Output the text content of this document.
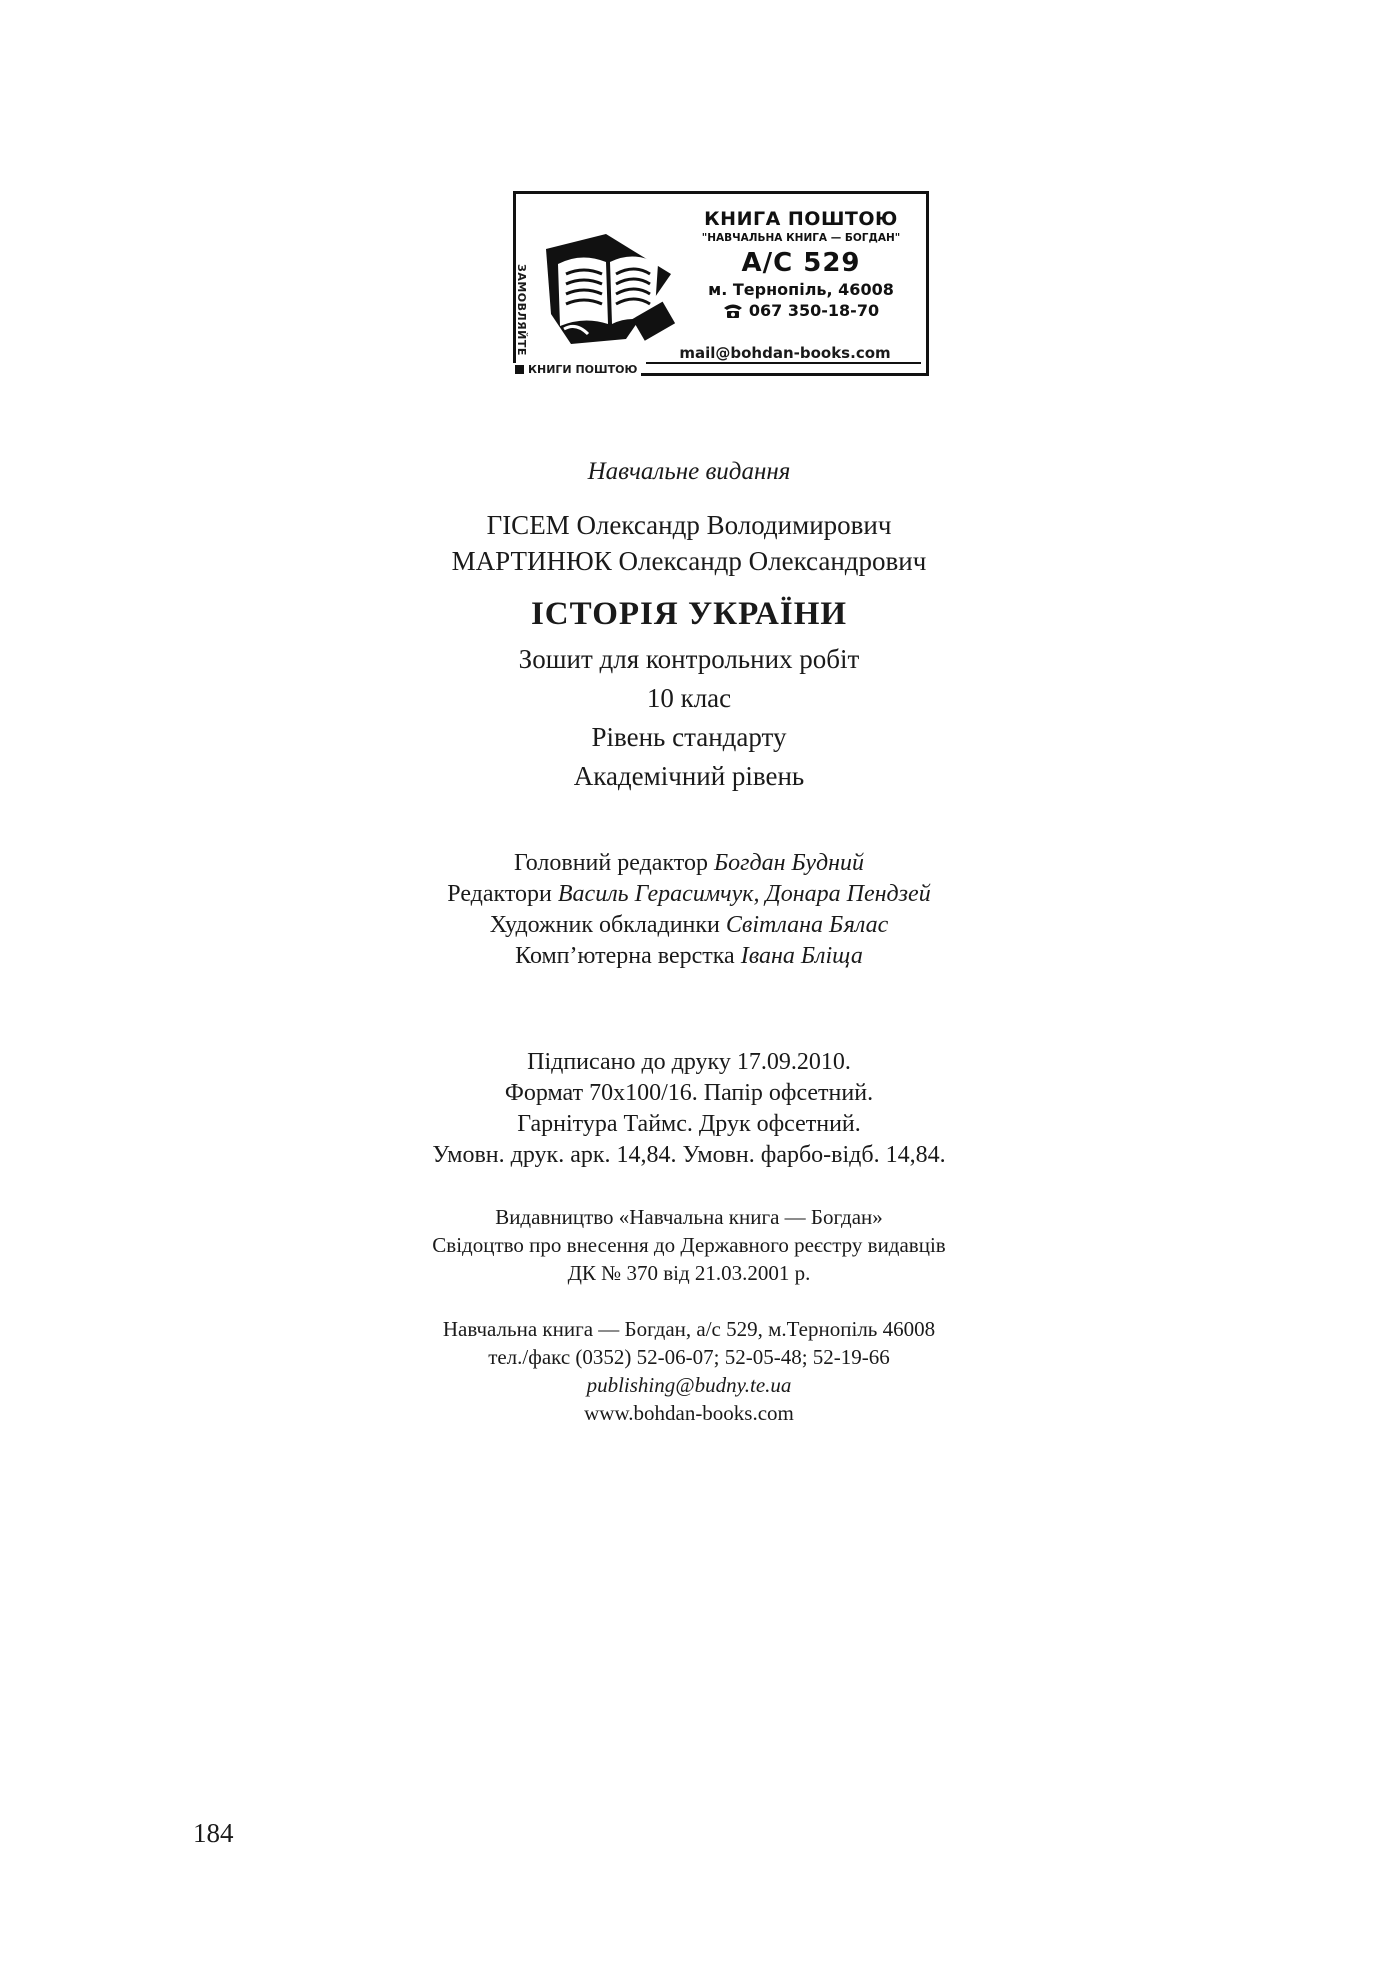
ЗАМОВЛЯЙТЕ
КНИГА ПОШТОЮ
"НАВЧАЛЬНА КНИГА — БОГДАН"
А/С 529
м. Тернопіль, 46008
067 350-18-70
mail@bohdan-books.com
КНИГИ ПОШТОЮ
Навчальне видання
ГІСЕМ Олександр Володимирович
МАРТИНЮК Олександр Олександрович
ІСТОРІЯ УКРАЇНИ
Зошит для контрольних робіт
10 клас
Рівень стандарту
Академічний рівень
Головний редактор Богдан Будний
Редактори Василь Герасимчук, Донара Пендзей
Художник обкладинки Світлана Бялас
Комп’ютерна верстка Івана Бліща
Підписано до друку 17.09.2010.
Формат 70х100/16. Папір офсетний.
Гарнітура Таймс. Друк офсетний.
Умовн. друк. арк. 14,84. Умовн. фарбо-відб. 14,84.
Видавництво «Навчальна книга — Богдан»
Свідоцтво про внесення до Державного реєстру видавців
ДК № 370 від 21.03.2001 р.
Навчальна книга — Богдан, а/с 529, м.Тернопіль 46008
тел./факс (0352) 52-06-07; 52-05-48; 52-19-66
publishing@budny.te.ua
www.bohdan-books.com
184
